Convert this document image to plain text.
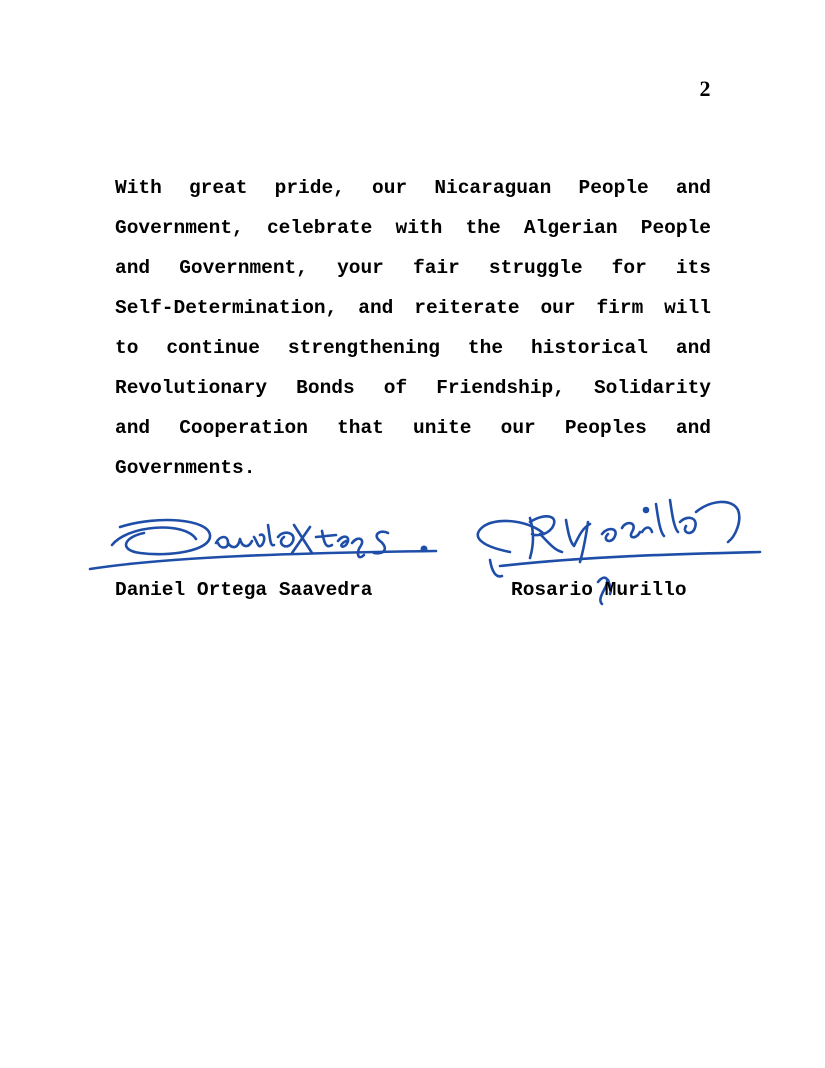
2

With great pride, our Nicaraguan People and
Government, celebrate with the Algerian People
and Government, your fair struggle for its
Self-Determination, and reiterate our firm will
to continue strengthening the historical and
Revolutionary Bonds of Friendship, Solidarity
and Cooperation that unite our Peoples and
Governments.

Daniel Ortega Saavedra	Rosario Murillo
